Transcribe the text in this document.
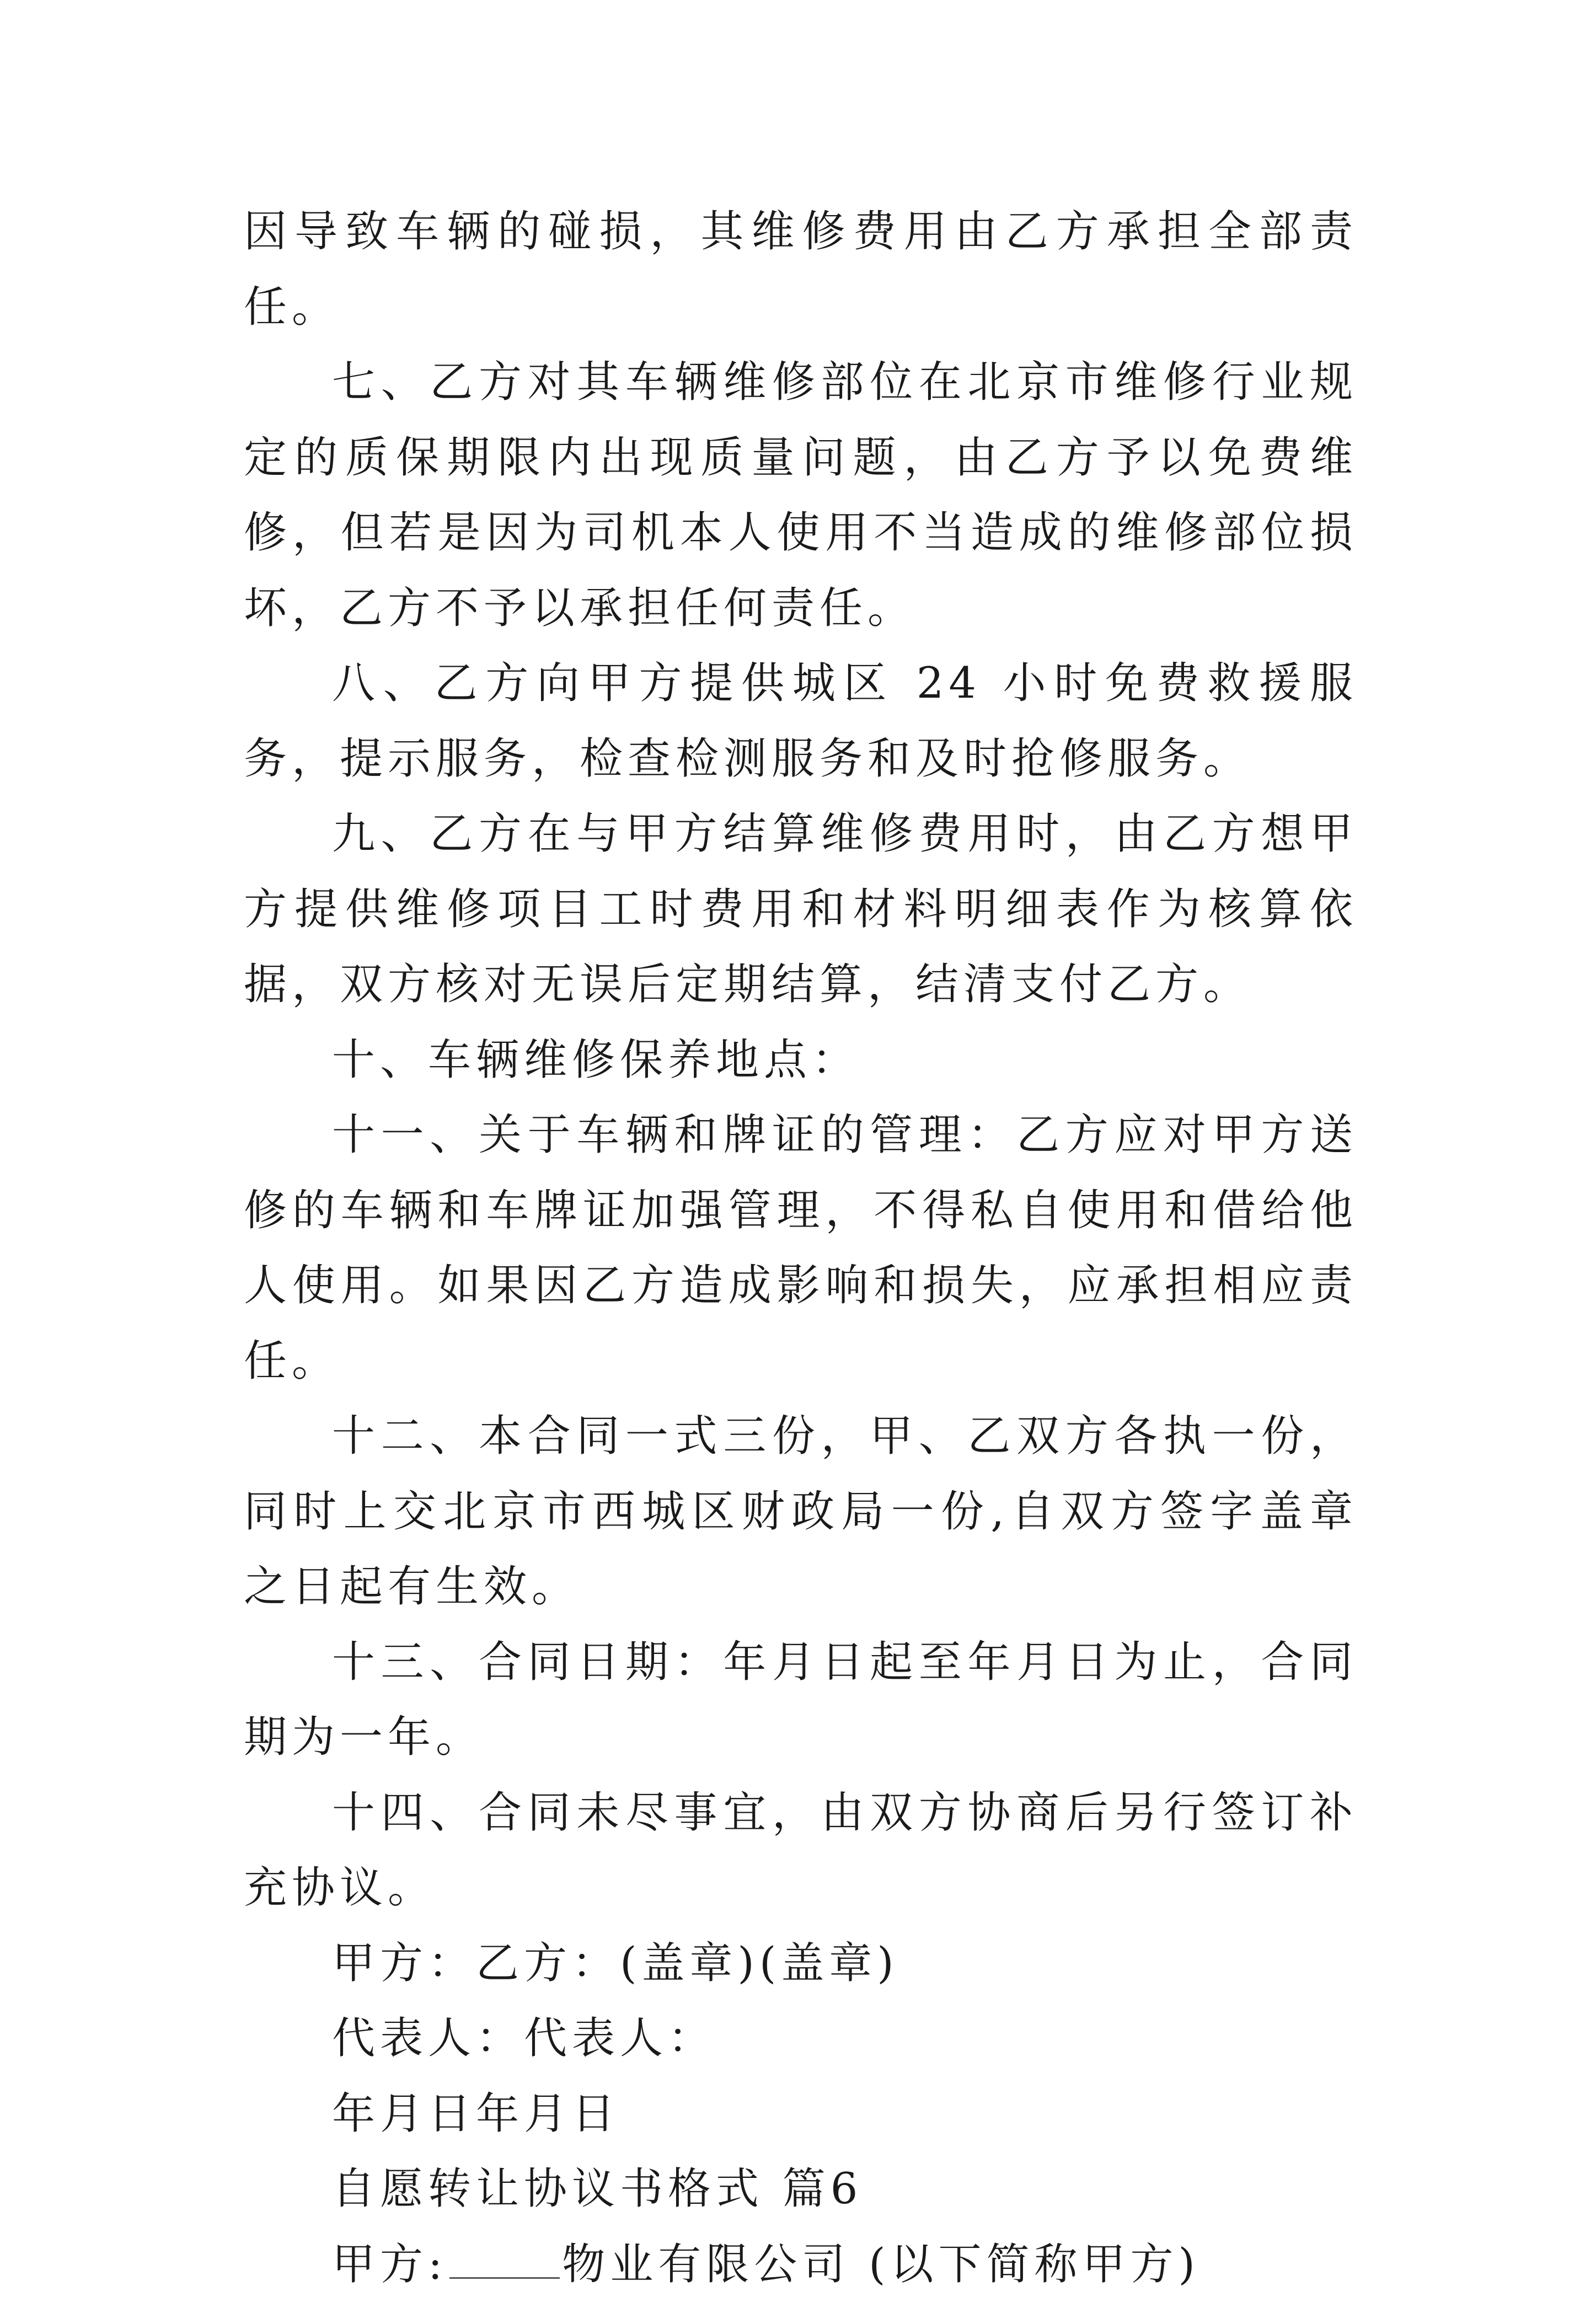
因导致车辆的碰损，其维修费用由乙方承担全部责任。

七、乙方对其车辆维修部位在北京市维修行业规定的质保期限内出现质量问题，由乙方予以免费维修，但若是因为司机本人使用不当造成的维修部位损坏，乙方不予以承担任何责任。

八、乙方向甲方提供城区 24 小时免费救援服务，提示服务，检查检测服务和及时抢修服务。

九、乙方在与甲方结算维修费用时，由乙方想甲方提供维修项目工时费用和材料明细表作为核算依据，双方核对无误后定期结算，结清支付乙方。

十、车辆维修保养地点：

十一、关于车辆和牌证的管理：乙方应对甲方送修的车辆和车牌证加强管理，不得私自使用和借给他人使用。如果因乙方造成影响和损失，应承担相应责任。

十二、本合同一式三份，甲、乙双方各执一份，同时上交北京市西城区财政局一份,自双方签字盖章之日起有生效。

十三、合同日期：年月日起至年月日为止，合同期为一年。

十四、合同未尽事宜，由双方协商后另行签订补充协议。

甲方：乙方：(盖章)(盖章)

代表人：代表人：

年月日年月日

自愿转让协议书格式 篇6

甲方:	物业有限公司 (以下简称甲方)
